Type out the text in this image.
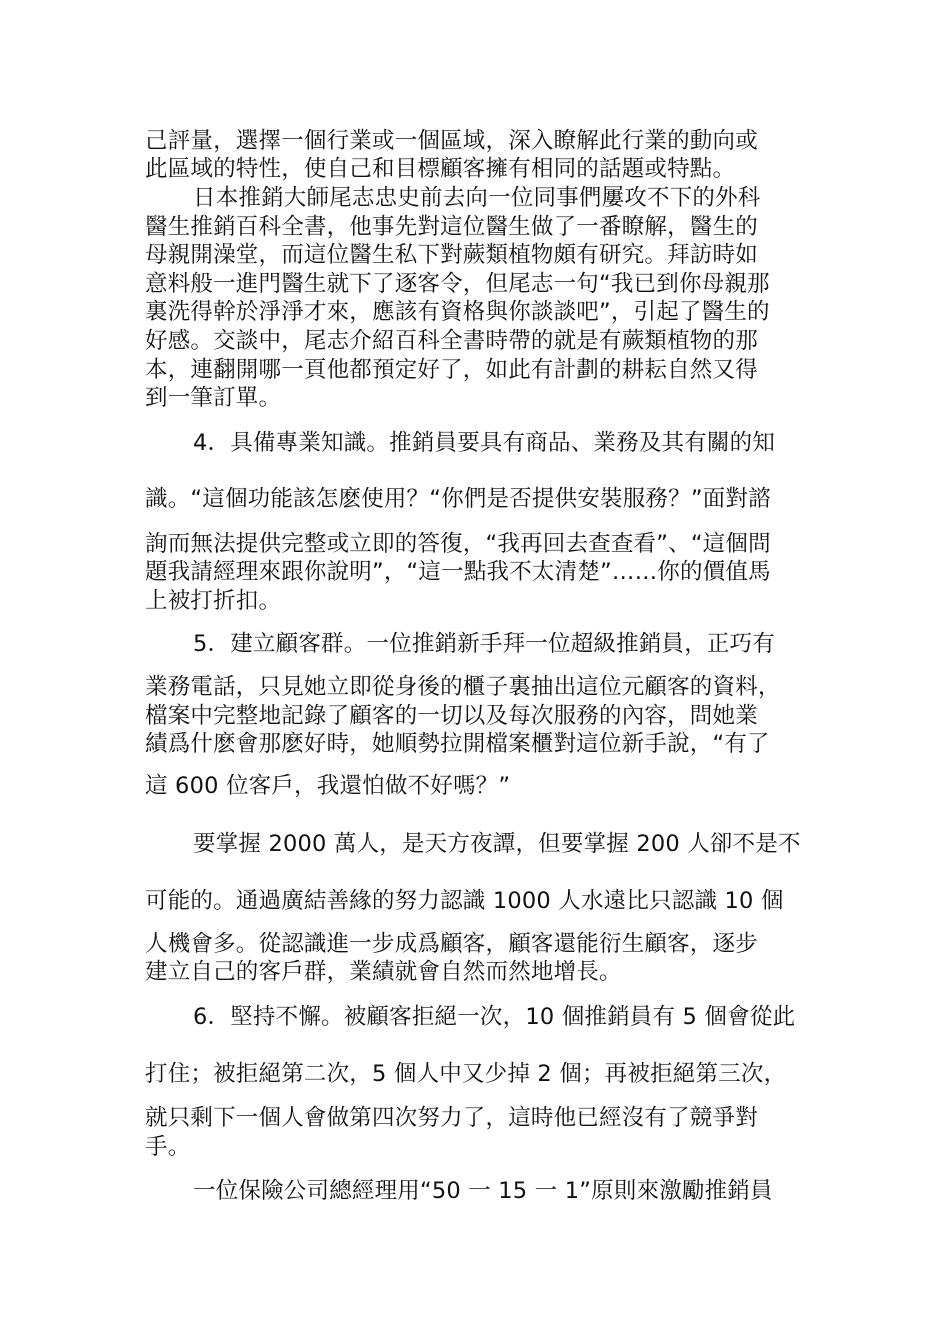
己評量，選擇一個行業或一個區域，深入瞭解此行業的動向或

此區域的特性，使自己和目標顧客擁有相同的話題或特點。

日本推銷大師尾志忠史前去向一位同事們屢攻不下的外科

醫生推銷百科全書，他事先對這位醫生做了一番瞭解，醫生的

母親開澡堂，而這位醫生私下對蕨類植物頗有研究。拜訪時如

意料般一進門醫生就下了逐客令，但尾志一句“我已到你母親那

裏洗得幹於淨淨才來，應該有資格與你談談吧”，引起了醫生的

好感。交談中，尾志介紹百科全書時帶的就是有蕨類植物的那

本，連翻開哪一頁他都預定好了，如此有計劃的耕耘自然又得

到一筆訂單。

4．具備專業知識。推銷員要具有商品、業務及其有關的知

識。“這個功能該怎麽使用？“你們是否提供安裝服務？”面對諮

詢而無法提供完整或立即的答復，“我再回去查查看”、“這個問

題我請經理來跟你說明”，“這一點我不太清楚”……你的價值馬

上被打折扣。

5．建立顧客群。一位推銷新手拜一位超級推銷員，正巧有

業務電話，只見她立即從身後的櫃子裏抽出這位元顧客的資料，

檔案中完整地記錄了顧客的一切以及每次服務的內容，問她業

績爲什麽會那麽好時，她順勢拉開檔案櫃對這位新手說，“有了

這 600 位客戶，我還怕做不好嗎？”

要掌握 2000 萬人，是天方夜譚，但要掌握 200 人卻不是不

可能的。通過廣結善緣的努力認識 1000 人水遠比只認識 10 個

人機會多。從認識進一步成爲顧客，顧客還能衍生顧客，逐步

建立自己的客戶群，業績就會自然而然地增長。

6．堅持不懈。被顧客拒絕一次，10 個推銷員有 5 個會從此

打住；被拒絕第二次，5 個人中又少掉 2 個；再被拒絕第三次，

就只剩下一個人會做第四次努力了，這時他已經沒有了競爭對

手。

一位保險公司總經理用“50 一 15 一 1”原則來激勵推銷員
